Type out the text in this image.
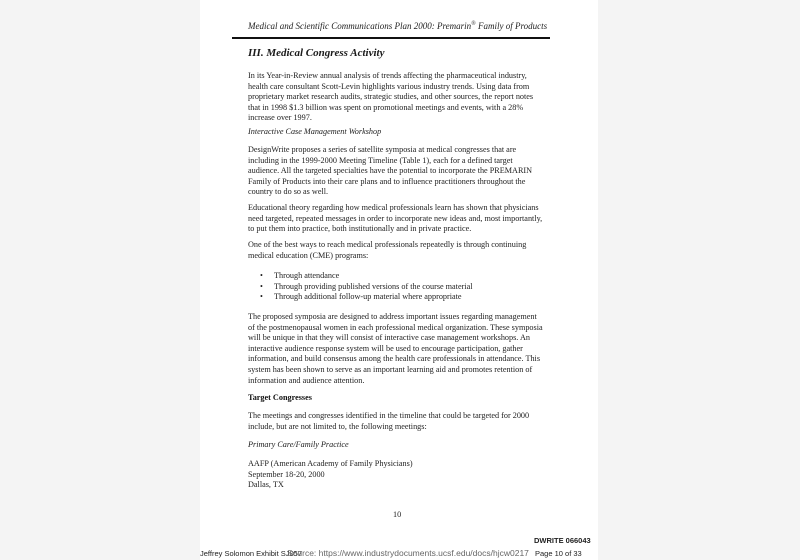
Medical and Scientific Communications Plan 2000: Premarin® Family of Products
III. Medical Congress Activity
In its Year-in-Review annual analysis of trends affecting the pharmaceutical industry,
health care consultant Scott-Levin highlights various industry trends. Using data from
proprietary market research audits, strategic studies, and other sources, the report notes
that in 1998 $1.3 billion was spent on promotional meetings and events, with a 28%
increase over 1997.
Interactive Case Management Workshop
DesignWrite proposes a series of satellite symposia at medical congresses that are
including in the 1999-2000 Meeting Timeline (Table 1), each for a defined target
audience. All the targeted specialties have the potential to incorporate the PREMARIN
Family of Products into their care plans and to influence practitioners throughout the
country to do so as well.
Educational theory regarding how medical professionals learn has shown that physicians
need targeted, repeated messages in order to incorporate new ideas and, most importantly,
to put them into practice, both institutionally and in private practice.
One of the best ways to reach medical professionals repeatedly is through continuing
medical education (CME) programs:
• Through attendance
• Through providing published versions of the course material
• Through additional follow-up material where appropriate
The proposed symposia are designed to address important issues regarding management
of the postmenopausal women in each professional medical organization. These symposia
will be unique in that they will consist of interactive case management workshops. An
interactive audience response system will be used to encourage participation, gather
information, and build consensus among the health care professionals in attendance. This
system has been shown to serve as an important learning aid and promotes retention of
information and audience attention.
Target Congresses
The meetings and congresses identified in the timeline that could be targeted for 2000
include, but are not limited to, the following meetings:
Primary Care/Family Practice
AAFP (American Academy of Family Physicians)
September 18-20, 2000
Dallas, TX
10
DWRITE 066043
Jeffrey Solomon Exhibit SJ057
Source: https://www.industrydocuments.ucsf.edu/docs/hjcw0217 Page 10 of 33
